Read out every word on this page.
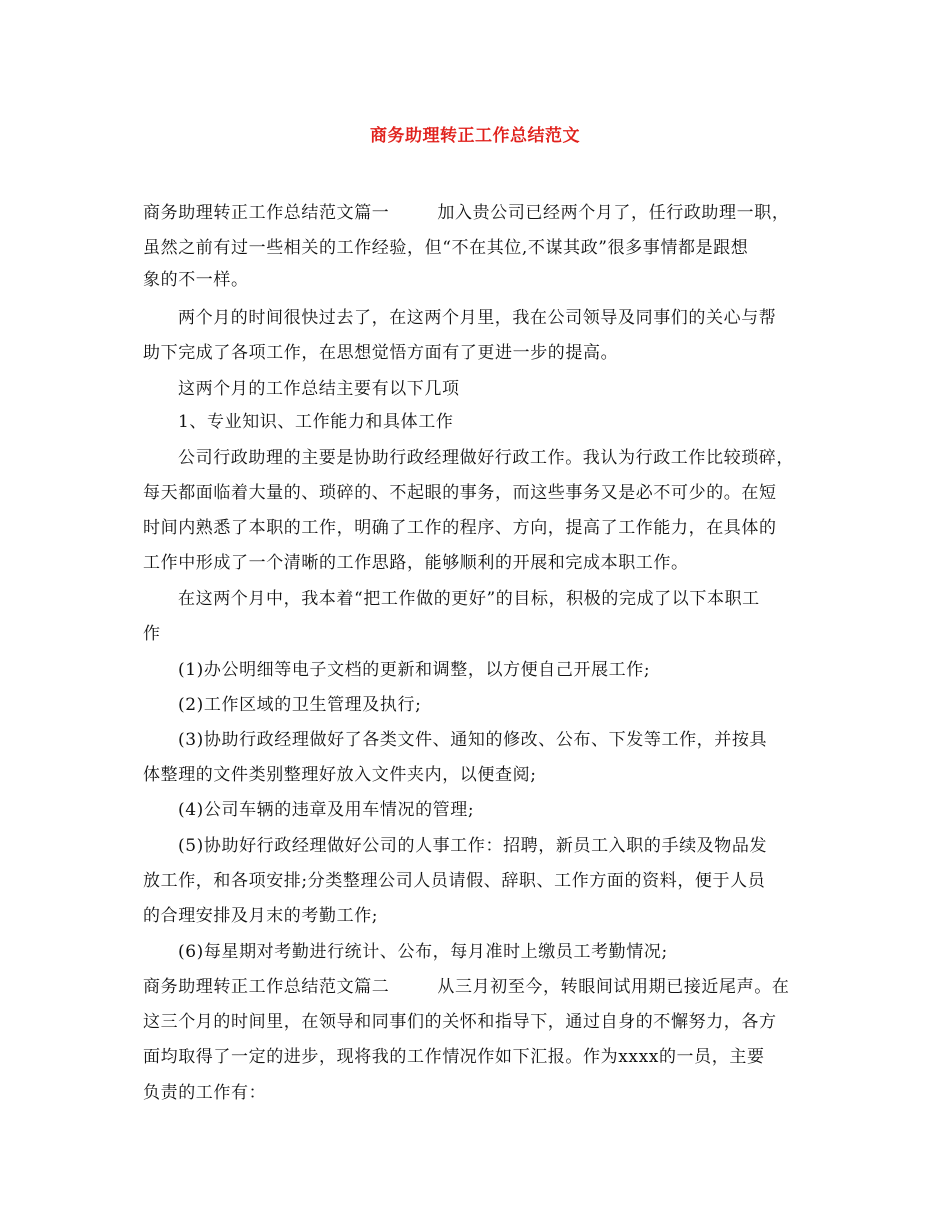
商务助理转正工作总结范文
商务助理转正工作总结范文篇一        加入贵公司已经两个月了，任行政助理一职，
虽然之前有过一些相关的工作经验，但“不在其位,不谋其政”很多事情都是跟想
象的不一样。
两个月的时间很快过去了，在这两个月里，我在公司领导及同事们的关心与帮
助下完成了各项工作，在思想觉悟方面有了更进一步的提高。
这两个月的工作总结主要有以下几项
1、专业知识、工作能力和具体工作
公司行政助理的主要是协助行政经理做好行政工作。我认为行政工作比较琐碎，
每天都面临着大量的、琐碎的、不起眼的事务，而这些事务又是必不可少的。在短
时间内熟悉了本职的工作，明确了工作的程序、方向，提高了工作能力，在具体的
工作中形成了一个清晰的工作思路，能够顺利的开展和完成本职工作。
在这两个月中，我本着“把工作做的更好”的目标，积极的完成了以下本职工
作
(1)办公明细等电子文档的更新和调整，以方便自己开展工作;
(2)工作区域的卫生管理及执行;
(3)协助行政经理做好了各类文件、通知的修改、公布、下发等工作，并按具
体整理的文件类别整理好放入文件夹内，以便查阅;
(4)公司车辆的违章及用车情况的管理;
(5)协助好行政经理做好公司的人事工作：招聘，新员工入职的手续及物品发
放工作，和各项安排;分类整理公司人员请假、辞职、工作方面的资料，便于人员
的合理安排及月末的考勤工作;
(6)每星期对考勤进行统计、公布，每月准时上缴员工考勤情况;
商务助理转正工作总结范文篇二        从三月初至今，转眼间试用期已接近尾声。在
这三个月的时间里，在领导和同事们的关怀和指导下，通过自身的不懈努力，各方
面均取得了一定的进步，现将我的工作情况作如下汇报。作为xxxx的一员，主要
负责的工作有：
